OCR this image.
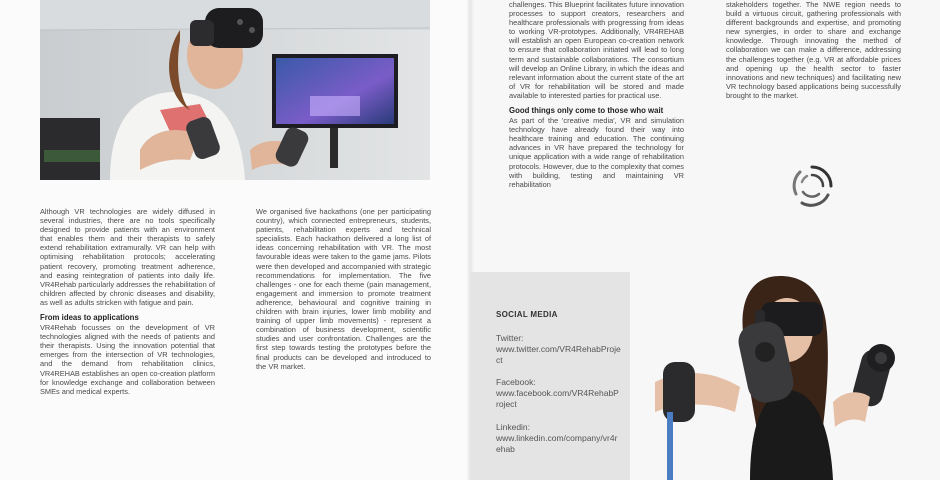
Although VR technologies are widely diffused in several industries, there are no tools specifically designed to provide patients with an environment that enables them and their therapists to safely extend rehabilitation extramurally. VR can help with optimising rehabilitation protocols; accelerating patient recovery, promoting treatment adherence, and easing reintegration of patients into daily life. VR4Rehab particularly addresses the rehabilitation of children affected by chronic diseases and disability, as well as adults stricken with fatigue and pain.

From ideas to applications

VR4Rehab focusses on the development of VR technologies aligned with the needs of patients and their therapists. Using the innovation potential that emerges from the intersection of VR technologies, and the demand from rehabilitation clinics, VR4REHAB establishes an open co-creation platform for knowledge exchange and collaboration between SMEs and medical experts.

We organised five hackathons (one per participating country), which connected entrepreneurs, students, patients, rehabilitation experts and technical specialists. Each hackathon delivered a long list of ideas concerning rehabilitation with VR. The most favourable ideas were taken to the game jams. Pilots were then developed and accompanied with strategic recommendations for implementation. The five challenges - one for each theme (pain management, engagement and immersion to promote treatment adherence, behavioural and cognitive training in children with brain injuries, lower limb mobility and training of upper limb movements) - represent a combination of business development, scientific studies and user confrontation. Challenges are the first step towards testing the prototypes before the final products can be developed and introduced to the VR market.

challenges. This Blueprint facilitates future innovation processes to support creators, researchers and healthcare professionals with progressing from ideas to working VR-prototypes. Additionally, VR4REHAB will establish an open European co-creation network to ensure that collaboration initiated will lead to long term and sustainable collaborations. The consortium will develop an Online Library, in which the ideas and relevant information about the current state of the art of VR for rehabilitation will be stored and made available to interested parties for practical use.

Good things only come to those who wait

As part of the 'creative media', VR and simulation technology have already found their way into healthcare training and education. The continuing advances in VR have prepared the technology for unique application with a wide range of rehabilitation protocols. However, due to the complexity that comes with building, testing and maintaining VR rehabilitation

stakeholders together. The NWE region needs to build a virtuous circuit, gathering professionals with different backgrounds and expertise, and promoting new synergies, in order to share and exchange knowledge. Through innovating the method of collaboration we can make a difference, addressing the challenges together (e.g. VR at affordable prices and opening up the health sector to faster innovations and new techniques) and facilitating new VR technology based applications being successfully brought to the market.

SOCIAL MEDIA
Twitter:
www.twitter.com/VR4RehabProject
Facebook:
www.facebook.com/VR4RehabProject
Linkedin:
www.linkedin.com/company/vr4rehab
